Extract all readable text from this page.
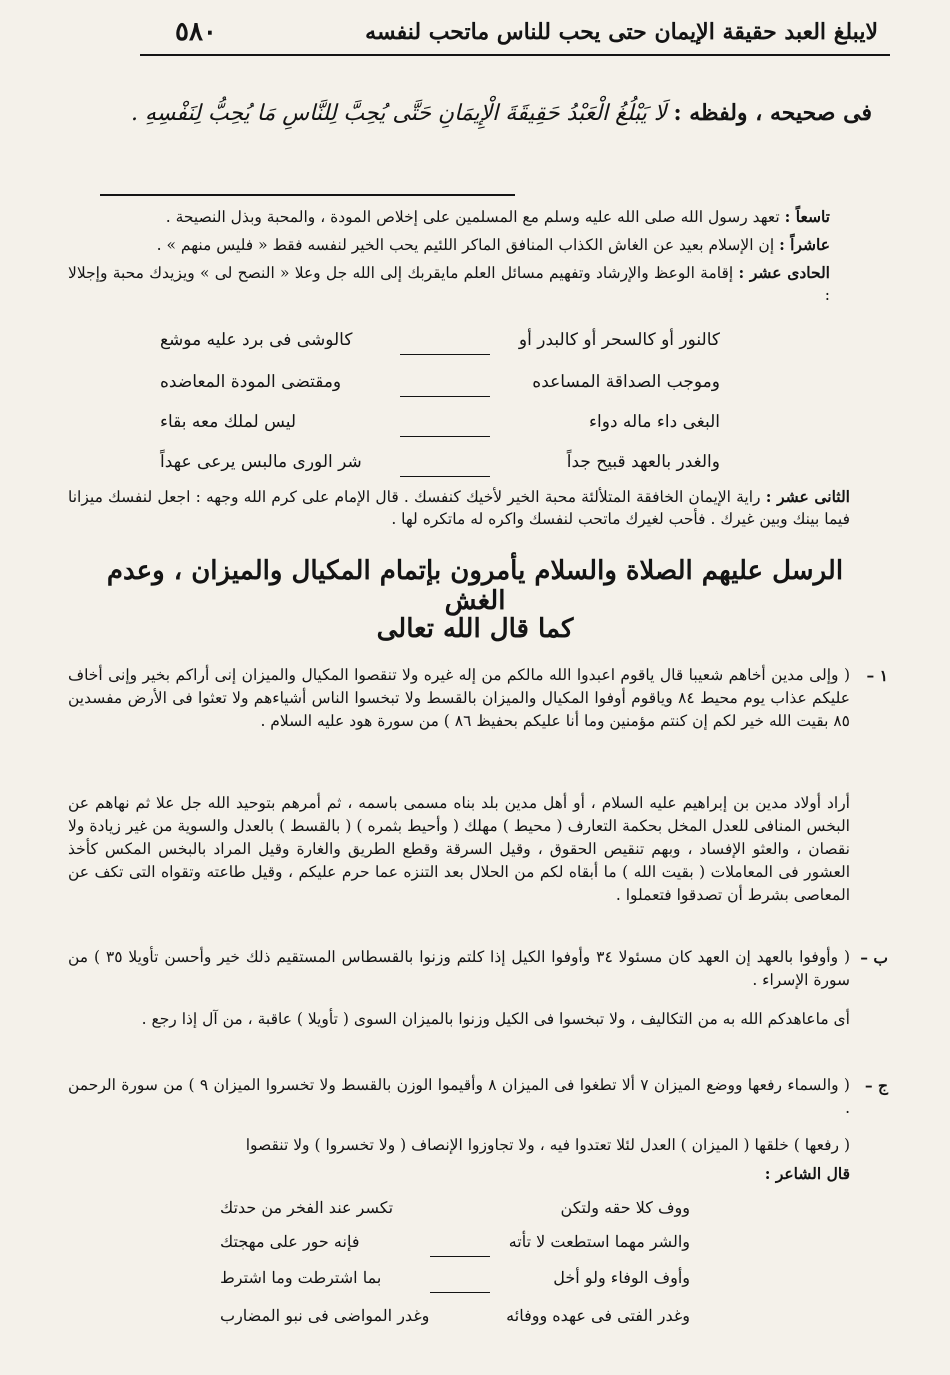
٥٨٠	لايبلغ العبد حقيقة الإيمان حتى يحب للناس ماتحب لنفسه
فى صحيحه ، ولفظه : لَا يَبْلُغُ الْعَبْدُ حَقِيقَةَ الْإِيمَانِ حَتَّى يُحِبَّ لِلنَّاسِ مَا يُحِبُّ لِنَفْسِهِ .
تاسعاً : تعهد رسول الله صلى الله عليه وسلم مع المسلمين على إخلاص المودة ، والمحبة وبذل النصيحة .
عاشراً : إن الإسلام بعيد عن الغاش الكذاب المنافق الماكر اللئيم يحب الخير لنفسه فقط « فليس منهم » .
الحادى عشر : إقامة الوعظ والإرشاد وتفهيم مسائل العلم مايقربك إلى الله جل وعلا « النصح لى » ويزيدك محبة وإجلالا :
كالنور أو كالسحر أو كالبدر أو
كالوشى فى برد عليه موشع
وموجب الصداقة المساعده
ومقتضى المودة المعاضده
البغى داء ماله دواء
ليس لملك معه بقاء
والغدر بالعهد قبيح جداً
شر الورى مالبس يرعى عهداً
الثانى عشر : راية الإيمان الخافقة المتلألئة محبة الخير لأخيك كنفسك . قال الإمام على كرم الله وجهه : اجعل لنفسك ميزانا فيما بينك وبين غيرك . فأحب لغيرك ماتحب لنفسك واكره له ماتكره لها .
الرسل عليهم الصلاة والسلام يأمرون بإتمام المكيال والميزان ، وعدم الغش
كما قال الله تعالى
١ –
( وإلى مدين أخاهم شعيبا قال ياقوم اعبدوا الله مالكم من إله غيره ولا تنقصوا المكيال والميزان إنى أراكم بخير وإنى أخاف عليكم عذاب يوم محيط ٨٤ وياقوم أوفوا المكيال والميزان بالقسط ولا تبخسوا الناس أشياءهم ولا تعثوا فى الأرض مفسدين ٨٥ بقيت الله خير لكم إن كنتم مؤمنين وما أنا عليكم بحفيظ ٨٦ ) من سورة هود عليه السلام .
أراد أولاد مدين بن إبراهيم عليه السلام ، أو أهل مدين بلد بناه مسمى باسمه ، ثم أمرهم بتوحيد الله جل علا ثم نهاهم عن البخس المنافى للعدل المخل بحكمة التعارف ( محيط ) مهلك ( وأحيط بثمره ) ( بالقسط ) بالعدل والسوية من غير زيادة ولا نقصان ، والعثو الإفساد ، وبهم تنقيص الحقوق ، وقيل السرقة وقطع الطريق والغارة وقيل المراد بالبخس المكس كأخذ العشور فى المعاملات ( بقيت الله ) ما أبقاه لكم من الحلال بعد التنزه عما حرم عليكم ، وقيل طاعته وتقواه التى تكف عن المعاصى بشرط أن تصدقوا فتعملوا .
ب –
( وأوفوا بالعهد إن العهد كان مسئولا ٣٤ وأوفوا الكيل إذا كلتم وزنوا بالقسطاس المستقيم ذلك خير وأحسن تأويلا ٣٥ ) من سورة الإسراء .
أى ماعاهدكم الله به من التكاليف ، ولا تبخسوا فى الكيل وزنوا بالميزان السوى ( تأويلا ) عاقبة ، من آل إذا رجع .
ج –
( والسماء رفعها ووضع الميزان ٧ ألا تطغوا فى الميزان ٨ وأقيموا الوزن بالقسط ولا تخسروا الميزان ٩ ) من سورة الرحمن .
( رفعها ) خلقها ( الميزان ) العدل لئلا تعتدوا فيه ، ولا تجاوزوا الإنصاف ( ولا تخسروا ) ولا تنقصوا
قال الشاعر :
ووف كلا حقه ولتكن
تكسر عند الفخر من حدتك
والشر مهما استطعت لا تأته
فإنه حور على مهجتك
وأوف الوفاء ولو أخل
بما اشترطت وما اشترط
وغدر الفتى فى عهده ووفائه
وغدر المواضى فى نبو المضارب
